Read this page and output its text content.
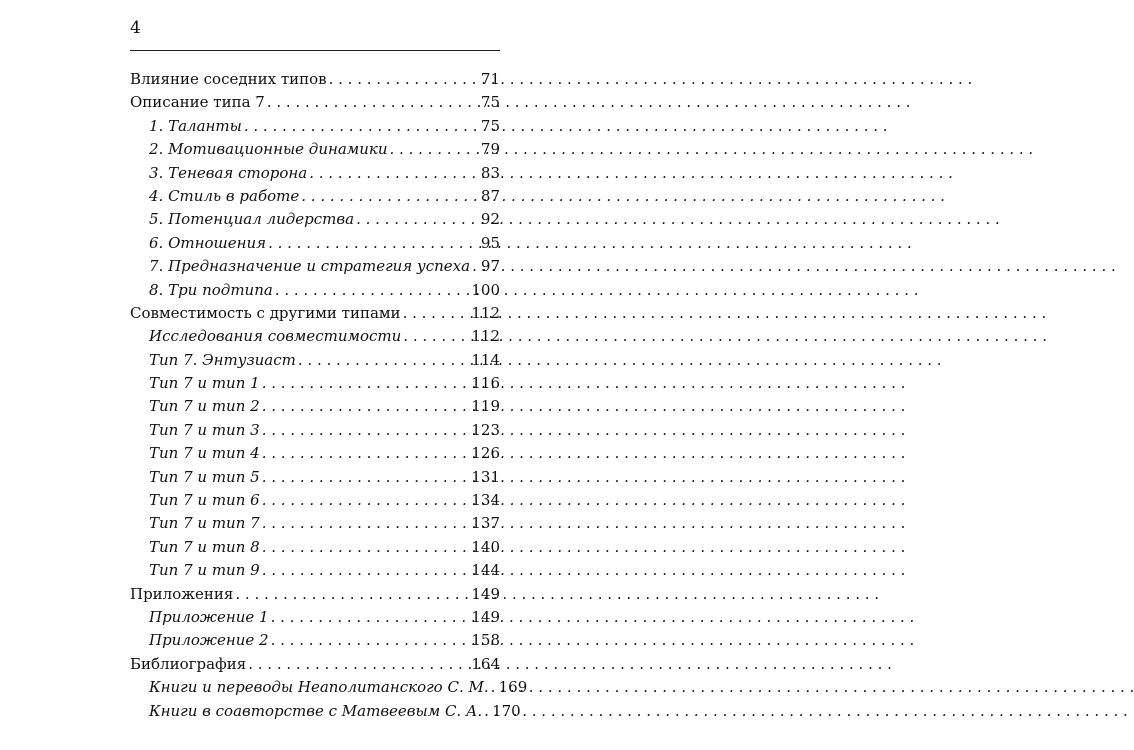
4
Влияние соседних типов . . .	71
Описание типа 7 . . .	75
1. Таланты . . .	75
2. Мотивационные динамики . . .	79
3. Теневая сторона . . .	83
4. Стиль в работе . . .	87
5. Потенциал лидерства . . .	92
6. Отношения . . .	95
7. Предназначение и стратегия успеха . . . 97
8. Три подтипа . . .	100
Совместимость с другими типами . . .	112
Исследования совместимости . . .	112
Тип 7. Энтузиаст . . .	114
Тип 7 и тип 1 . . .	116
Тип 7 и тип 2 . . .	119
Тип 7 и тип 3 . . .	123
Тип 7 и тип 4 . . .	126
Тип 7 и тип 5 . . .	131
Тип 7 и тип 6 . . .	134
Тип 7 и тип 7 . . .	137
Тип 7 и тип 8 . . .	140
Тип 7 и тип 9 . . .	144
Приложения . . .	149
Приложение 1 . . .	149
Приложение 2 . . .	158
Библиография . . .	164
Книги и переводы Неаполитанского С. М. . . . 169
Книги в соавторстве с Матвеевым С. А. . . . 170
